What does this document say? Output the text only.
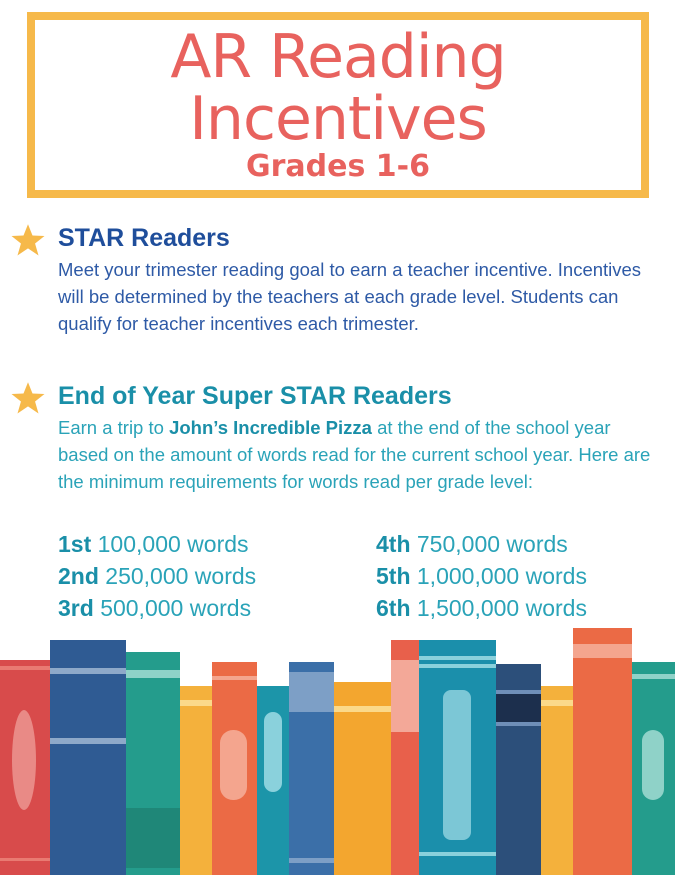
AR Reading
Incentives
Grades 1-6
STAR Readers
Meet your trimester reading goal to earn a teacher incentive. Incentives will be determined by the teachers at each grade level. Students can qualify for teacher incentives each trimester.
End of Year Super STAR Readers
Earn a trip to John’s Incredible Pizza at the end of the school year based on the amount of words read for the current school year. Here are the minimum requirements for words read per grade level:
1st 100,000 words
2nd 250,000 words
3rd 500,000 words
4th 750,000 words
5th 1,000,000 words
6th 1,500,000 words
